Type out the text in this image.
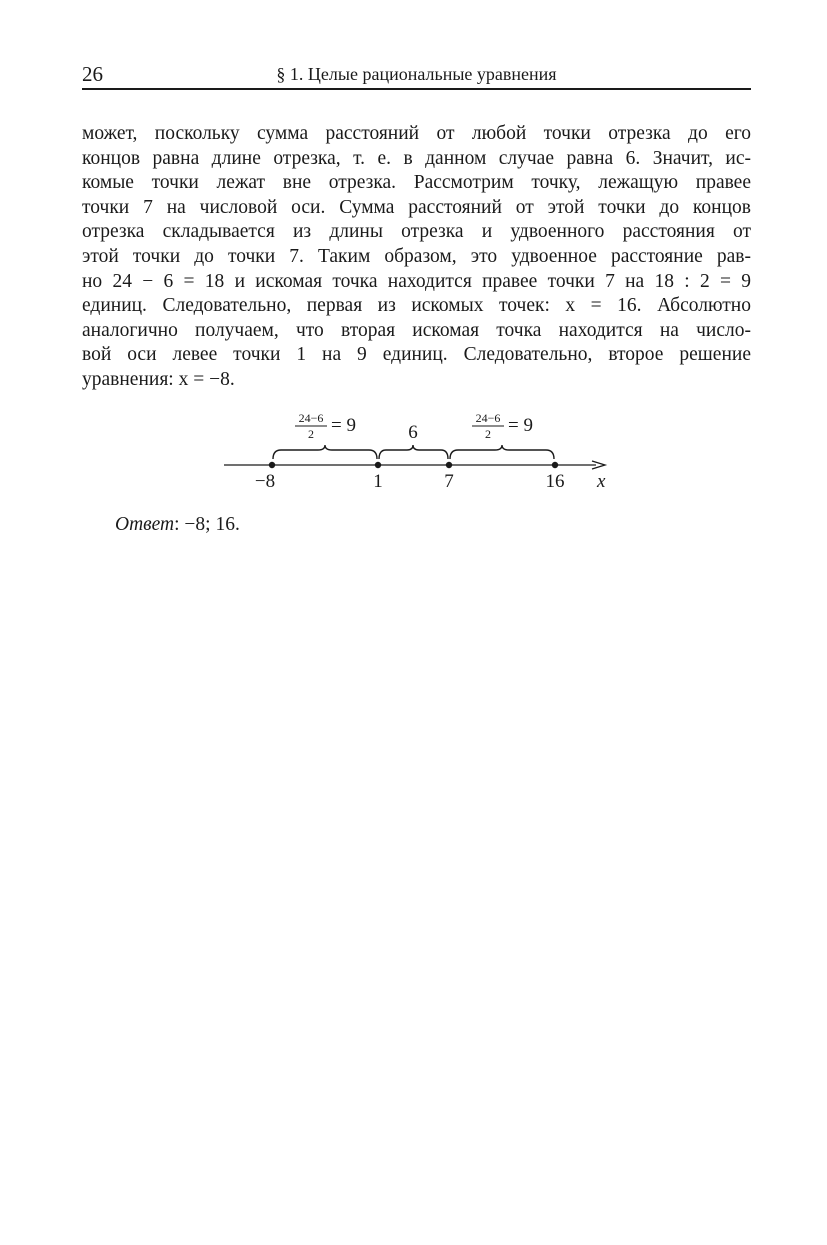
26	§ 1. Целые рациональные уравнения
может, поскольку сумма расстояний от любой точки отрезка до его
концов равна длине отрезка, т. е. в данном случае равна 6. Значит, ис-
комые точки лежат вне отрезка. Рассмотрим точку, лежащую правее
точки 7 на числовой оси. Сумма расстояний от этой точки до концов
отрезка складывается из длины отрезка и удвоенного расстояния от
этой точки до точки 7. Таким образом, это удвоенное расстояние рав-
но 24 − 6 = 18 и искомая точка находится правее точки 7 на 18 : 2 = 9
единиц. Следовательно, первая из искомых точек: x = 16. Абсолютно
аналогично получаем, что вторая искомая точка находится на число-
вой оси левее точки 1 на 9 единиц. Следовательно, второе решение
уравнения: x = −8.
x
−8	1	7	16
24−6
2 = 9	6
24−6
2 = 9
Ответ: −8; 16.
